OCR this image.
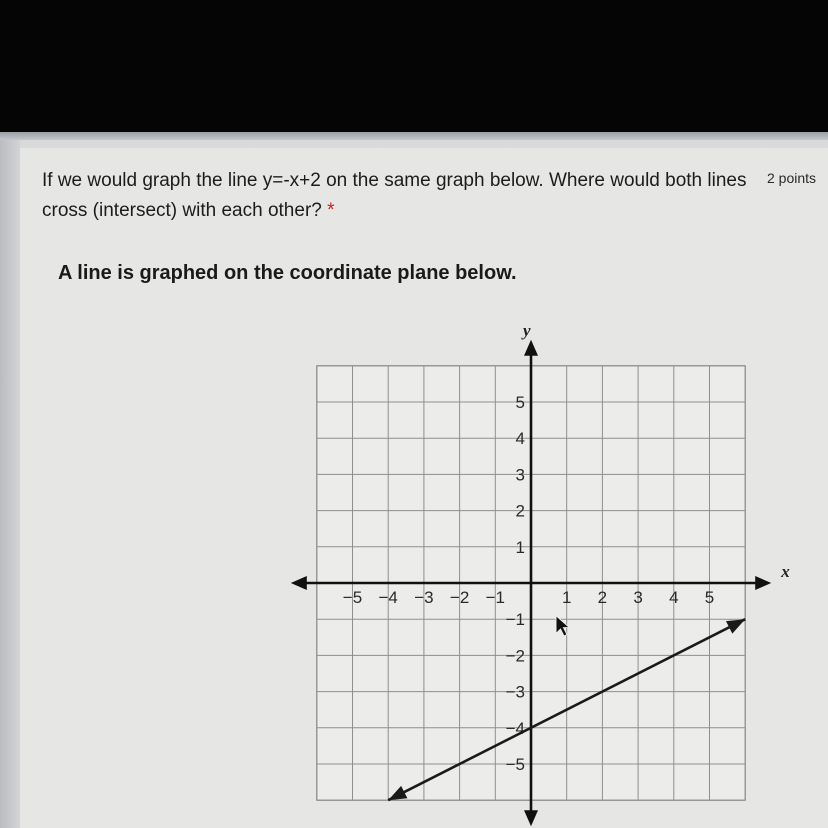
If we would graph the line y=-x+2 on the same graph below. Where would both lines cross (intersect) with each other? *

2 points

A line is graphed on the coordinate plane below.

y
x
−5 −4 −3 −2 −1	1 2 3 4 5
5
4
3
2
1
−1
−2
−3
−4
−5
